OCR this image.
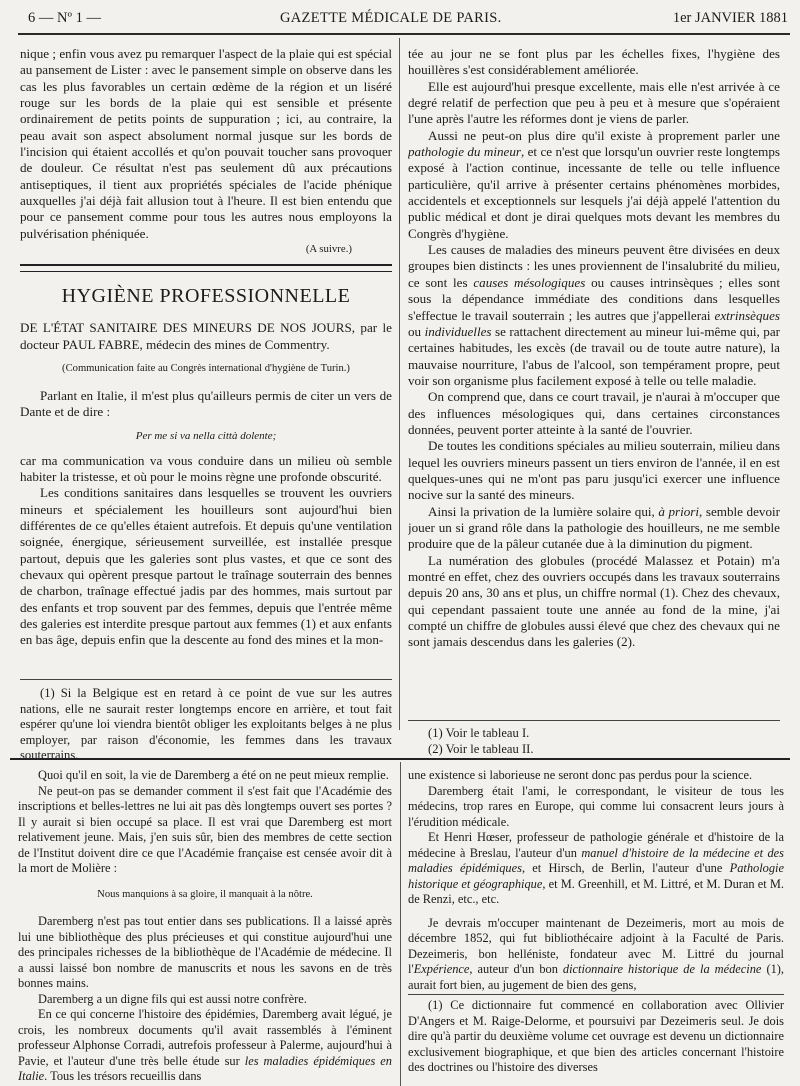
6 — Nº 1 —	GAZETTE MÉDICALE DE PARIS.	1er JANVIER 1881

nique ; enfin vous avez pu remarquer l'aspect de la plaie qui est spécial au pansement de Lister : avec le pansement simple on observe dans les cas les plus favorables un certain œdème de la région et un liséré rouge sur les bords de la plaie qui est sensible et présente ordinairement de petits points de suppuration ; ici, au contraire, la peau avait son aspect absolument normal jusque sur les bords de l'incision qui étaient accollés et qu'on pouvait toucher sans provoquer de douleur. Ce résultat n'est pas seulement dû aux précautions antiseptiques, il tient aux propriétés spéciales de l'acide phénique auxquelles j'ai déjà fait allusion tout à l'heure. Il est bien entendu que pour ce pansement comme pour tous les autres nous employons la pulvérisation phéniquée.

(A suivre.)

HYGIÈNE PROFESSIONNELLE

DE L'ÉTAT SANITAIRE DES MINEURS DE NOS JOURS, par le docteur PAUL FABRE, médecin des mines de Commentry.

(Communication faite au Congrès international d'hygiène de Turin.)

Parlant en Italie, il m'est plus qu'ailleurs permis de citer un vers de Dante et de dire :

Per me si va nella città dolente;

car ma communication va vous conduire dans un milieu où semble habiter la tristesse, et où pour le moins règne une profonde obscurité.

Les conditions sanitaires dans lesquelles se trouvent les ouvriers mineurs et spécialement les houilleurs sont aujourd'hui bien différentes de ce qu'elles étaient autrefois. Et depuis qu'une ventilation soignée, énergique, sérieusement surveillée, est installée presque partout, depuis que les galeries sont plus vastes, et que ce sont des chevaux qui opèrent presque partout le traînage souterrain des bennes de charbon, traînage effectué jadis par des hommes, mais surtout par des enfants et trop souvent par des femmes, depuis que l'entrée même des galeries est interdite presque partout aux femmes (1) et aux enfants en bas âge, depuis enfin que la descente au fond des mines et la mon-

(1) Si la Belgique est en retard à ce point de vue sur les autres nations, elle ne saurait rester longtemps encore en arrière, et tout fait espérer qu'une loi viendra bientôt obliger les exploitants belges à ne plus employer, par raison d'économie, les femmes dans les travaux souterrains.

tée au jour ne se font plus par les échelles fixes, l'hygiène des houillères s'est considérablement améliorée.

Elle est aujourd'hui presque excellente, mais elle n'est arrivée à ce degré relatif de perfection que peu à peu et à mesure que s'opéraient l'une après l'autre les réformes dont je viens de parler.

Aussi ne peut-on plus dire qu'il existe à proprement parler une pathologie du mineur, et ce n'est que lorsqu'un ouvrier reste longtemps exposé à l'action continue, incessante de telle ou telle influence particulière, qu'il arrive à présenter certains phénomènes morbides, accidentels et exceptionnels sur lesquels j'ai déjà appelé l'attention du public médical et dont je dirai quelques mots devant les membres du Congrès d'hygiène.

Les causes de maladies des mineurs peuvent être divisées en deux groupes bien distincts : les unes proviennent de l'insalubrité du milieu, ce sont les causes mésologiques ou causes intrinsèques ; elles sont sous la dépendance immédiate des conditions dans lesquelles s'effectue le travail souterrain ; les autres que j'appellerai extrinsèques ou individuelles se rattachent directement au mineur lui-même qui, par certaines habitudes, les excès (de travail ou de toute autre nature), la mauvaise nourriture, l'abus de l'alcool, son tempérament propre, peut voir son organisme plus facilement exposé à telle ou telle maladie.

On comprend que, dans ce court travail, je n'aurai à m'occuper que des influences mésologiques qui, dans certaines circonstances données, peuvent porter atteinte à la santé de l'ouvrier.

De toutes les conditions spéciales au milieu souterrain, milieu dans lequel les ouvriers mineurs passent un tiers environ de l'année, il en est quelques-unes qui ne m'ont pas paru jusqu'ici exercer une influence nocive sur la santé des mineurs.

Ainsi la privation de la lumière solaire qui, à priori, semble devoir jouer un si grand rôle dans la pathologie des houilleurs, ne me semble produire que de la pâleur cutanée due à la diminution du pigment.

La numération des globules (procédé Malassez et Potain) m'a montré en effet, chez des ouvriers occupés dans les travaux souterrains depuis 20 ans, 30 ans et plus, un chiffre normal (1). Chez des chevaux, qui cependant passaient toute une année au fond de la mine, j'ai compté un chiffre de globules aussi élevé que chez des chevaux qui ne sont jamais descendus dans les galeries (2).

(1) Voir le tableau I.

(2) Voir le tableau II.

Quoi qu'il en soit, la vie de Daremberg a été on ne peut mieux remplie.

Ne peut-on pas se demander comment il s'est fait que l'Académie des inscriptions et belles-lettres ne lui ait pas dès longtemps ouvert ses portes ? Il y aurait si bien occupé sa place. Il est vrai que Daremberg est mort relativement jeune. Mais, j'en suis sûr, bien des membres de cette section de l'Institut doivent dire ce que l'Académie française est censée avoir dit à la mort de Molière :

Nous manquions à sa gloire, il manquait à la nôtre.

Daremberg n'est pas tout entier dans ses publications. Il a laissé après lui une bibliothèque des plus précieuses et qui constitue aujourd'hui une des principales richesses de la bibliothèque de l'Académie de médecine. Il a aussi laissé bon nombre de manuscrits et nous les savons en de très bonnes mains.

Daremberg a un digne fils qui est aussi notre confrère.

En ce qui concerne l'histoire des épidémies, Daremberg avait légué, je crois, les nombreux documents qu'il avait rassemblés à l'éminent professeur Alphonse Corradi, autrefois professeur à Palerme, aujourd'hui à Pavie, et l'auteur d'une très belle étude sur les maladies épidémiques en Italie. Tous les trésors recueillis dans

une existence si laborieuse ne seront donc pas perdus pour la science.

Daremberg était l'ami, le correspondant, le visiteur de tous les médecins, trop rares en Europe, qui comme lui consacrent leurs jours à l'érudition médicale.

Et Henri Hœser, professeur de pathologie générale et d'histoire de la médecine à Breslau, l'auteur d'un manuel d'histoire de la médecine et des maladies épidémiques, et Hirsch, de Berlin, l'auteur d'une Pathologie historique et géographique, et M. Greenhill, et M. Littré, et M. Duran et M. de Renzi, etc., etc.

Je devrais m'occuper maintenant de Dezeimeris, mort au mois de décembre 1852, qui fut bibliothécaire adjoint à la Faculté de Paris. Dezeimeris, bon helléniste, fondateur avec M. Littré du journal l'Expérience, auteur d'un bon dictionnaire historique de la médecine (1), aurait fort bien, au jugement de bien des gens,

(1) Ce dictionnaire fut commencé en collaboration avec Ollivier D'Angers et M. Raige-Delorme, et poursuivi par Dezeimeris seul. Je dois dire qu'à partir du deuxième volume cet ouvrage est devenu un dictionnaire exclusivement biographique, et que bien des articles concernant l'histoire des doctrines ou l'histoire des diverses
